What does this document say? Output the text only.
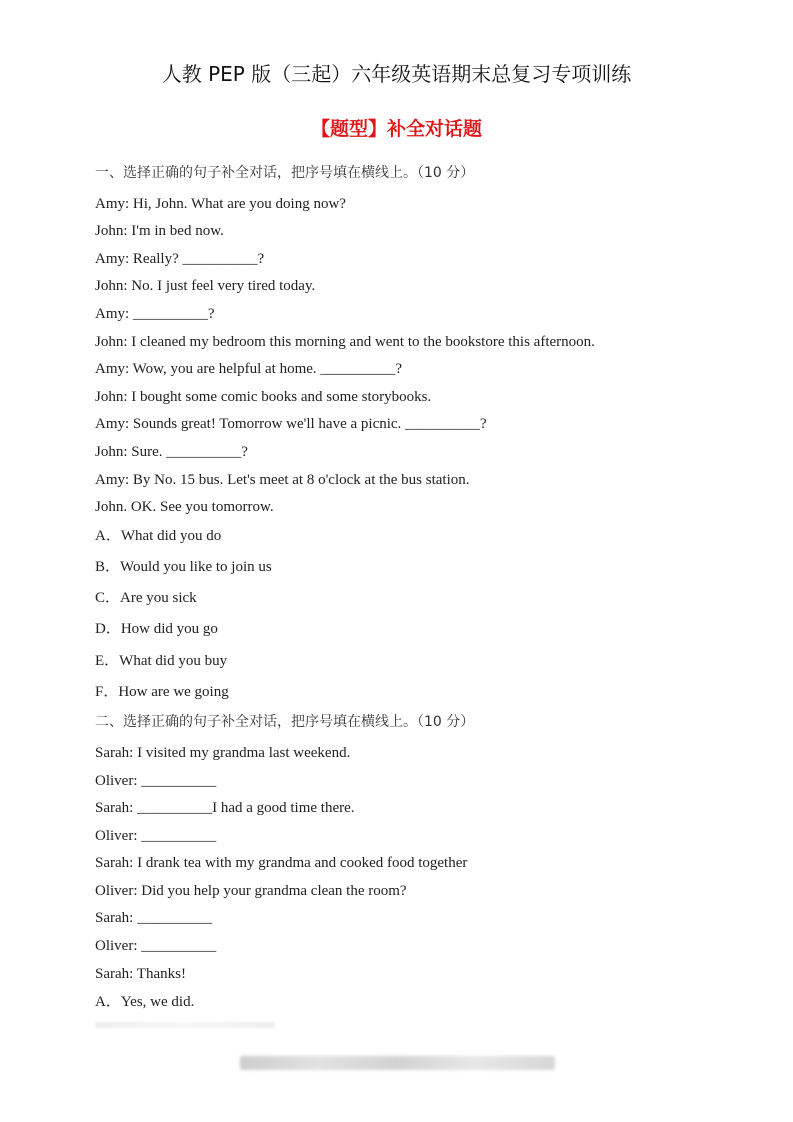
人教 PEP 版（三起）六年级英语期末总复习专项训练
【题型】补全对话题
一、选择正确的句子补全对话，把序号填在横线上。（10 分）
Amy: Hi, John. What are you doing now?
John: I'm in bed now.
Amy: Really? __________?
John: No. I just feel very tired today.
Amy: __________?
John: I cleaned my bedroom this morning and went to the bookstore this afternoon.
Amy: Wow, you are helpful at home. __________?
John: I bought some comic books and some storybooks.
Amy: Sounds great! Tomorrow we'll have a picnic. __________?
John: Sure. __________?
Amy: By No. 15 bus. Let's meet at 8 o'clock at the bus station.
John. OK. See you tomorrow.
A．What did you do
B．Would you like to join us
C．Are you sick
D．How did you go
E．What did you buy
F．How are we going
二、选择正确的句子补全对话，把序号填在横线上。（10 分）
Sarah: I visited my grandma last weekend.
Oliver: __________
Sarah: __________I had a good time there.
Oliver: __________
Sarah: I drank tea with my grandma and cooked food together
Oliver: Did you help your grandma clean the room?
Sarah: __________
Oliver: __________
Sarah: Thanks!
A．Yes, we did.
